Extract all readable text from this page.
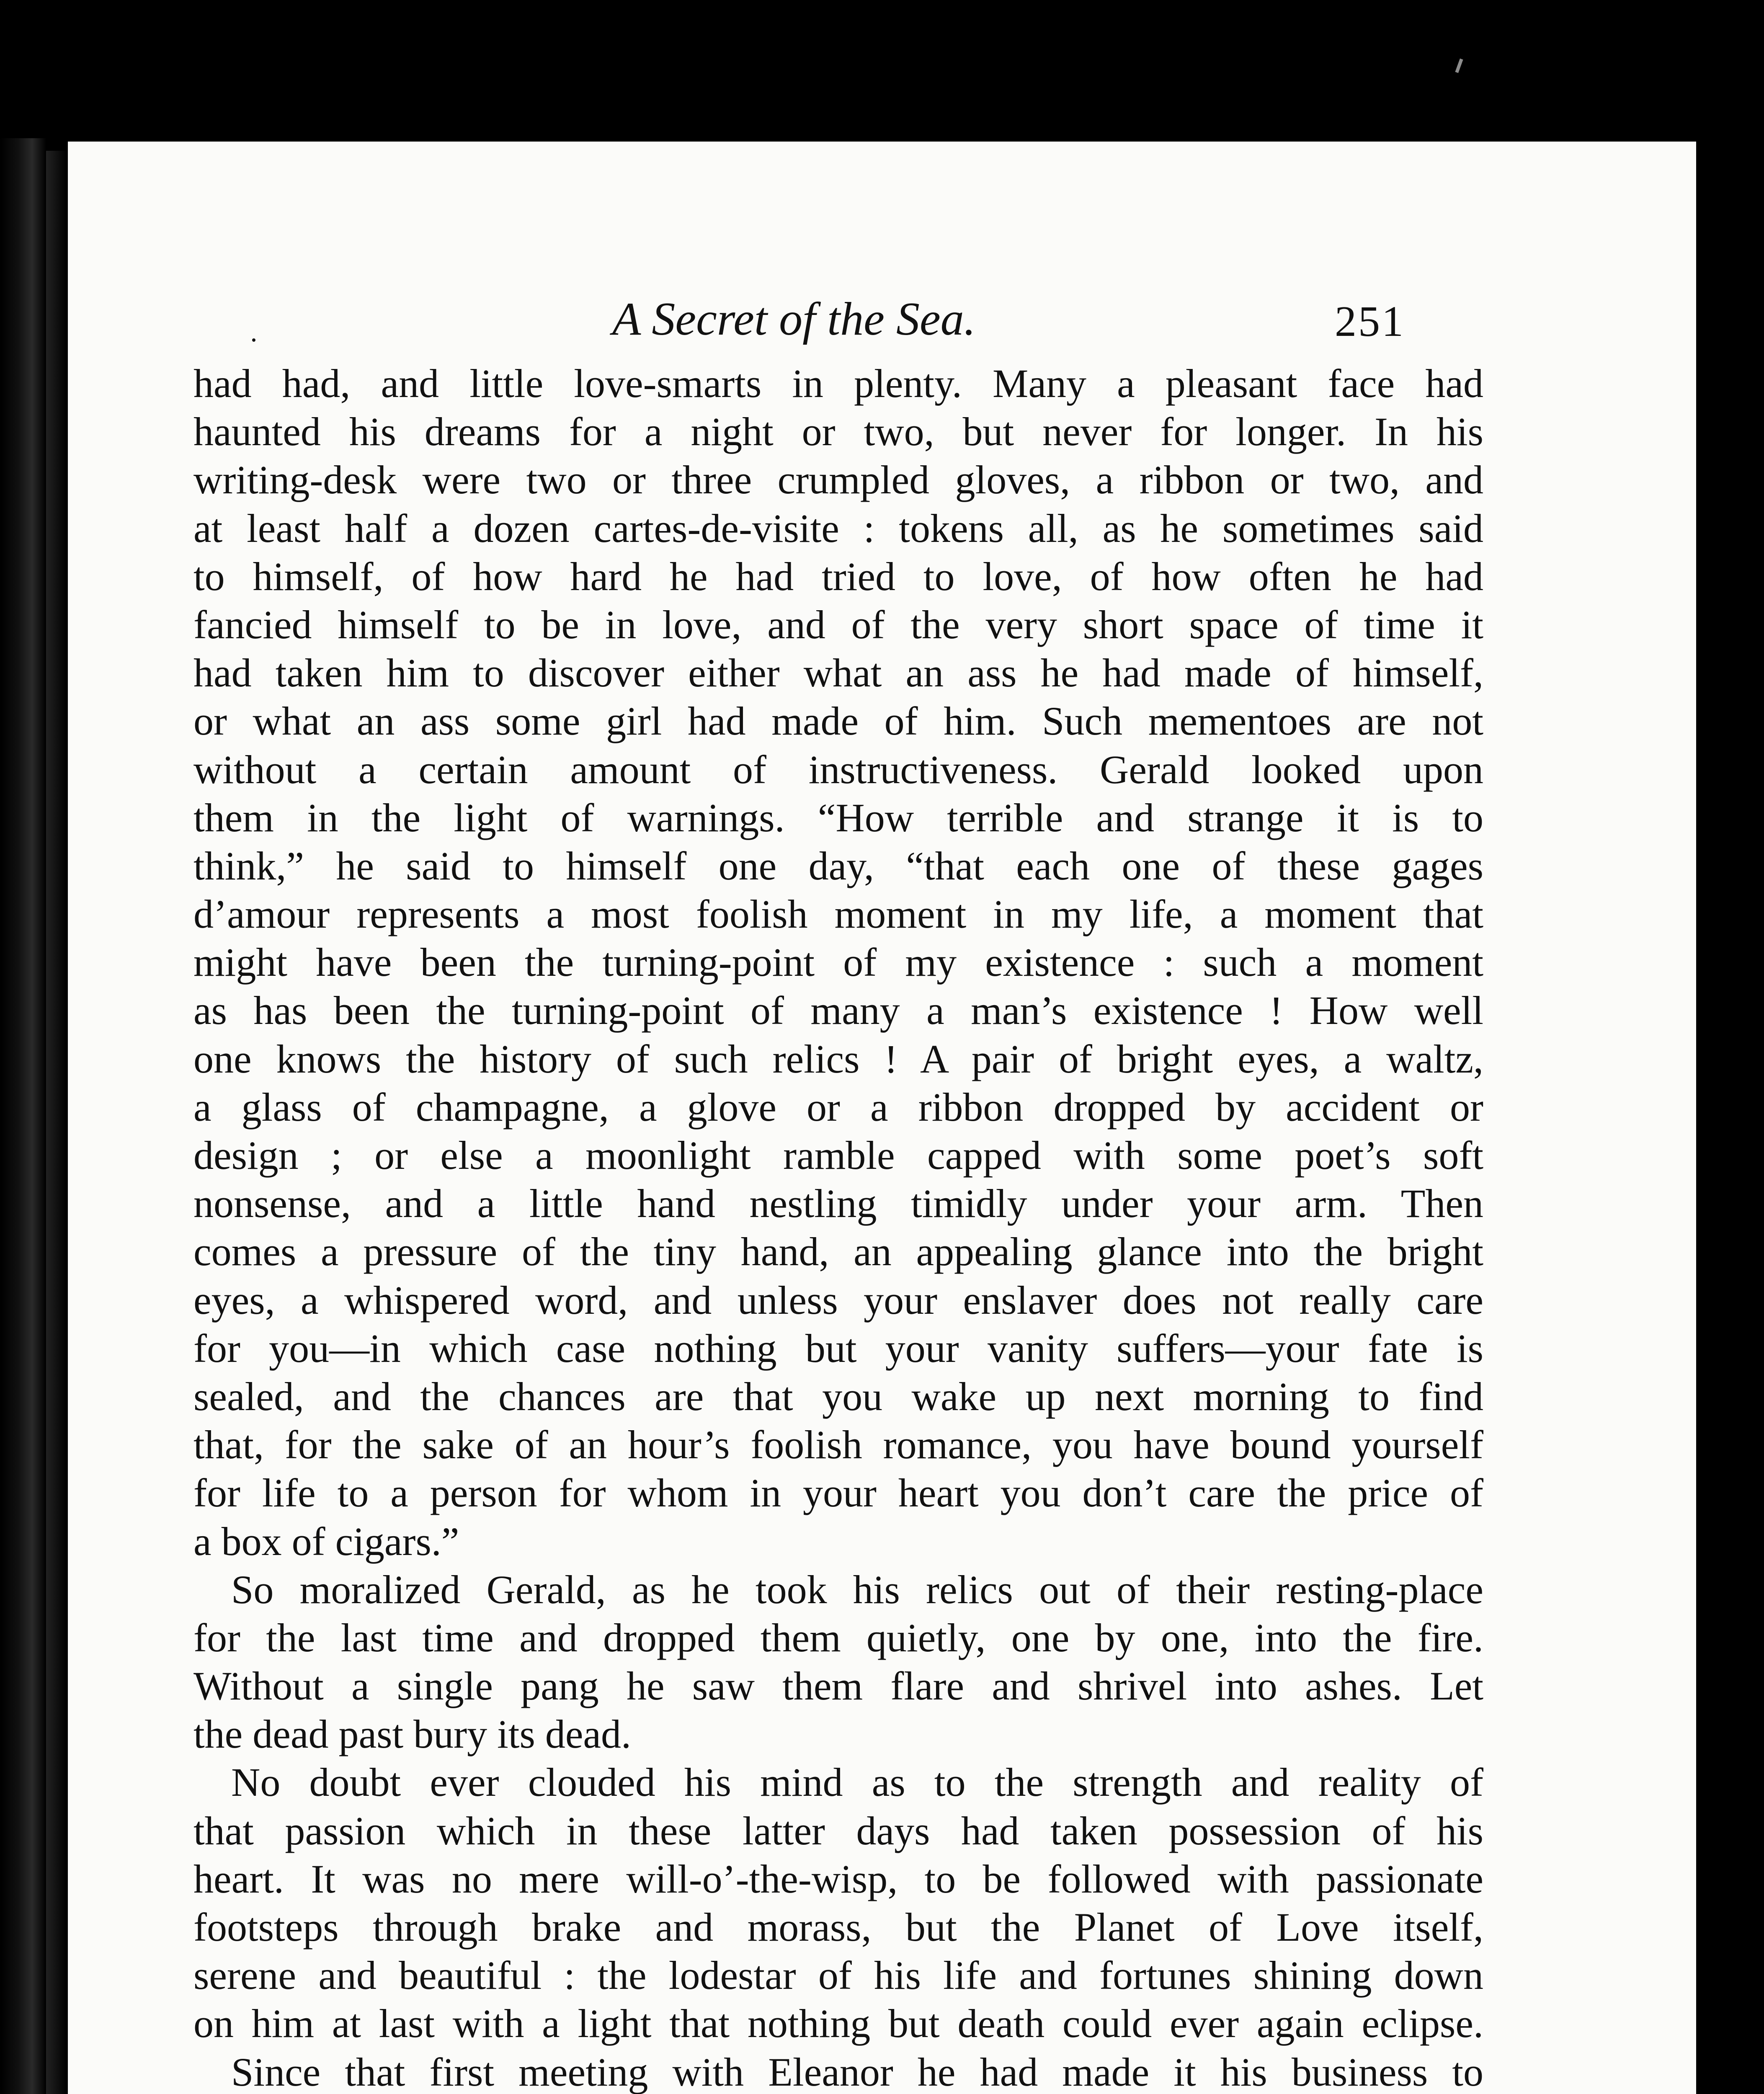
A Secret of the Sea.	251
had had, and little love-smarts in plenty. Many a pleasant face had
haunted his dreams for a night or two, but never for longer. In his
writing-desk were two or three crumpled gloves, a ribbon or two, and
at least half a dozen cartes-de-visite : tokens all, as he sometimes said
to himself, of how hard he had tried to love, of how often he had
fancied himself to be in love, and of the very short space of time it
had taken him to discover either what an ass he had made of himself,
or what an ass some girl had made of him. Such mementoes are not
without a certain amount of instructiveness. Gerald looked upon
them in the light of warnings. “How terrible and strange it is to
think,” he said to himself one day, “that each one of these gages
d’amour represents a most foolish moment in my life, a moment that
might have been the turning-point of my existence : such a moment
as has been the turning-point of many a man’s existence ! How well
one knows the history of such relics ! A pair of bright eyes, a waltz,
a glass of champagne, a glove or a ribbon dropped by accident or
design ; or else a moonlight ramble capped with some poet’s soft
nonsense, and a little hand nestling timidly under your arm. Then
comes a pressure of the tiny hand, an appealing glance into the bright
eyes, a whispered word, and unless your enslaver does not really care
for you—in which case nothing but your vanity suffers—your fate is
sealed, and the chances are that you wake up next morning to find
that, for the sake of an hour’s foolish romance, you have bound yourself
for life to a person for whom in your heart you don’t care the price of
a box of cigars.”
So moralized Gerald, as he took his relics out of their resting-place
for the last time and dropped them quietly, one by one, into the fire.
Without a single pang he saw them flare and shrivel into ashes. Let
the dead past bury its dead.
No doubt ever clouded his mind as to the strength and reality of
that passion which in these latter days had taken possession of his
heart. It was no mere will-o’-the-wisp, to be followed with passionate
footsteps through brake and morass, but the Planet of Love itself,
serene and beautiful : the lodestar of his life and fortunes shining down
on him at last with a light that nothing but death could ever again eclipse.
Since that first meeting with Eleanor he had made it his business to
